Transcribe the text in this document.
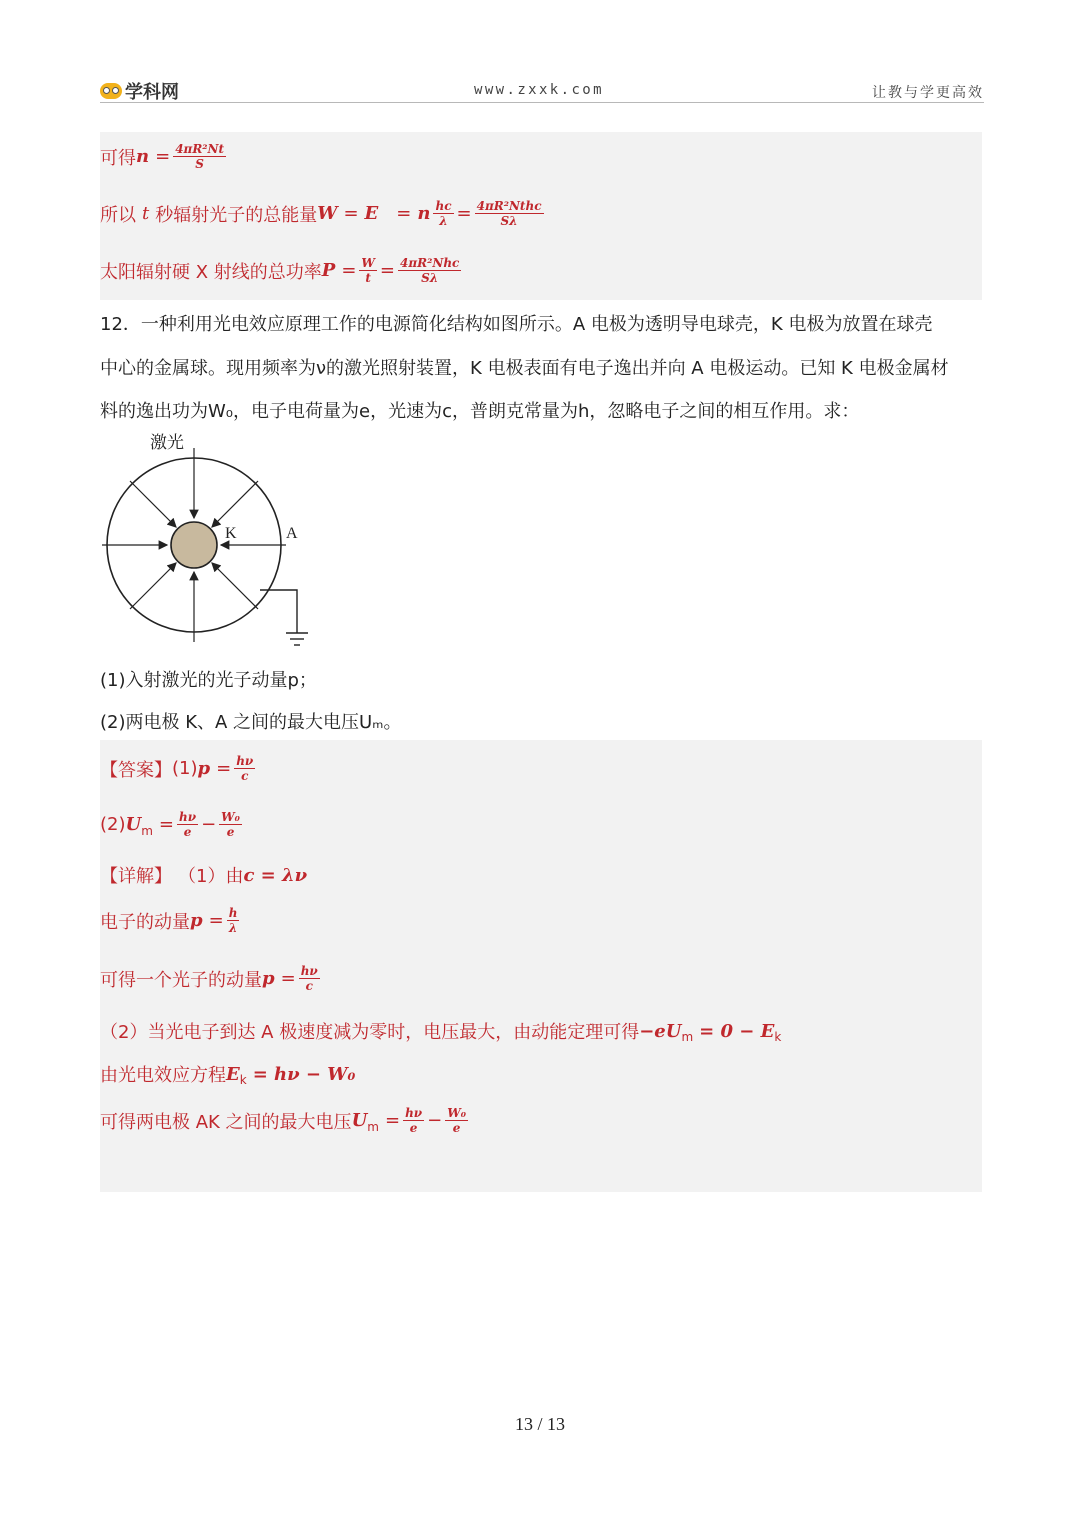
学科网	www.zxxk.com	让教与学更高效
可得 $n = \frac{\text{4πR²Nt}}{S}$
所以 t 秒辐射光子的总能量 W = E = n $\frac{hc}{\lambda} = \frac{\text{4πR²Nthc}}{S\lambda}$
太阳辐射硬 X 射线的总功率 $P = \frac{W}{t} = \frac{\text{4πR²Nhc}}{S\lambda}$
12．一种利用光电效应原理工作的电源简化结构如图所示。A 电极为透明导电球壳，K 电极为放置在球壳
中心的金属球。现用频率为ν的激光照射装置，K 电极表面有电子逸出并向 A 电极运动。已知 K 电极金属材
料的逸出功为W₀，电子电荷量为e，光速为c，普朗克常量为h，忽略电子之间的相互作用。求：
激光
K	A
(1)入射激光的光子动量p；
(2)两电极 K、A 之间的最大电压Uₘ。
【答案】 (1) $p = \frac{h\nu}{c}$
(2) U $m = \frac{h\nu}{e} - \frac{\text{W₀}}{e}$
【详解】 （1）由 c = λν
电子的动量 $p = \frac{h}{\lambda}$
可得一个光子的动量 $p = \frac{h\nu}{c}$
（2）当光电子到达 A 极速度减为零时，电压最大，由动能定理可得 −eU m = 0 − E k
由光电效应方程 E k = hν − W₀
可得两电极 AK 之间的最大电压 U $m = \frac{h\nu}{e} - \frac{\text{W₀}}{e}$
13 / 13
